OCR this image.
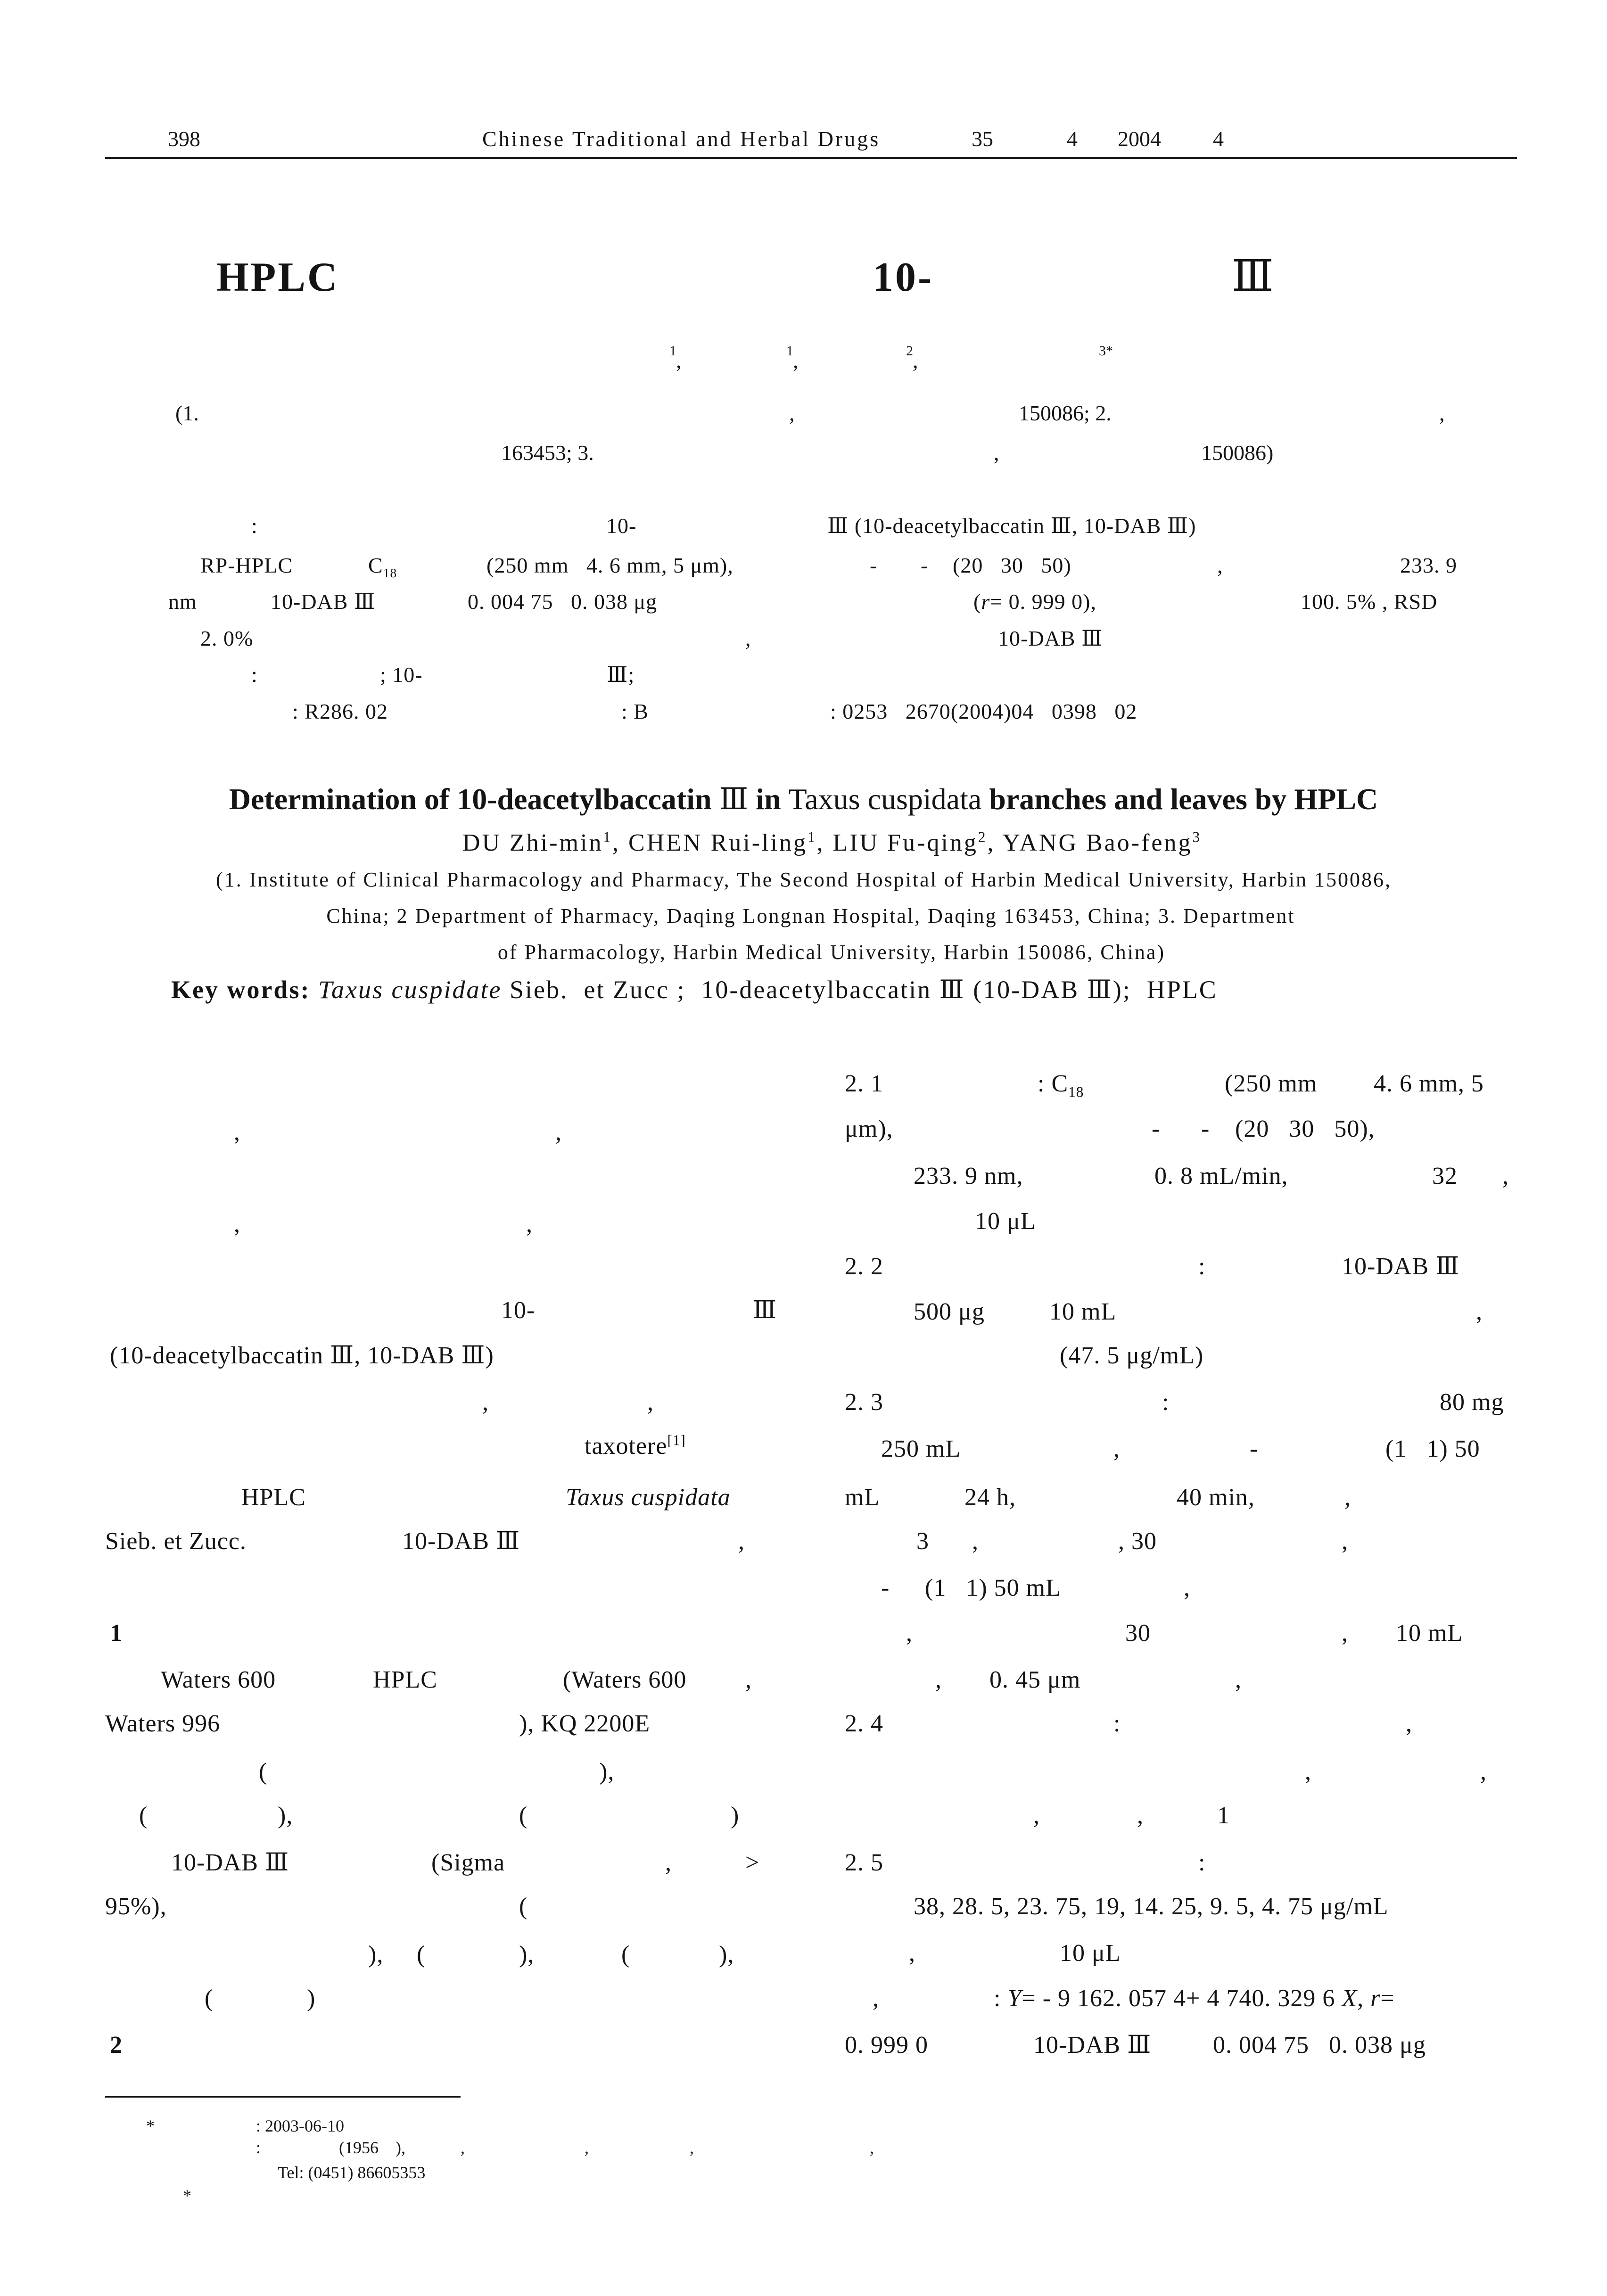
398	Chinese Traditional and Herbal Drugs	35	4 2004 4
HPLC	10-	Ⅲ
1 ,	1 ,	2 ,	3*
(1.	,	150086; 2.	,
163453; 3.	,	150086)
:	10-	Ⅲ (10-deacetylbaccatin Ⅲ, 10-DAB Ⅲ)
RP-HPLC	$C_{18}$	(250 mm   4. 6 mm, 5 μm),	- - (20   30   50)	,	233. 9
nm	10-DAB Ⅲ	0. 004 75   0. 038 μg	(r= 0. 999 0),	100. 5% , RSD
2. 0%	,	10-DAB Ⅲ
:	; 10-	Ⅲ;
: R286. 02	: B	: 0253   2670(2004)04   0398   02
Determination of 10-deacetylbaccatin Ⅲ in Taxus cuspidata branches and leaves by HPLC
DU Zhi-$\min^1$, CHEN Rui-ling$^1$, LIU Fu-qing$^2$, YANG Bao-feng$^3$
(1. Institute of Clinical Pharmacology and Pharmacy, The Second Hospital of Harbin Medical University, Harbin 150086,
China; 2 Department of Pharmacy, Daqing Longnan Hospital, Daqing 163453, China; 3. Department
of Pharmacology, Harbin Medical University, Harbin 150086, China)
Key words: Taxus cuspidate Sieb.  et Zucc ;  10-deacetylbaccatin Ⅲ (10-DAB Ⅲ);  HPLC
,	,
,	,
10-	Ⅲ
(10-deacetylbaccatin Ⅲ, 10-DAB Ⅲ)
,	,
taxotere[1]
HPLC	Taxus cuspidata
Sieb. et Zucc.	10-DAB Ⅲ	,
1
Waters 600	HPLC	(Waters 600 ,
Waters 996	), KQ 2200E
(	),
(	),	(	)
10-DAB Ⅲ	(Sigma	,	>
95%),	(
), (	),	(	),
(	)
2
2. 1	: $C_{18}$	(250 mm 4. 6 mm, 5
μm),	- - (20   30   50),
233. 9 nm,	0. 8 mL/min,	32 ,
10 μL
2. 2	:	10-DAB Ⅲ
500 μg	10 mL	,
(47. 5 μg/mL)
2. 3	:	80 mg
250 mL	,	-	(1   1) 50
mL	24 h,	40 min,	,
3 ,	, 30	,
- (1   1) 50 mL	,
,	30	, 10 mL
, 0. 45 μm	,
2. 4	:	,
,	,
,	,	1
2. 5	:
38, 28. 5, 23. 75, 19, 14. 25, 9. 5, 4. 75 μg/mL
,	10 μL
,	: Y= - 9 162. 057 4+ 4 740. 329 6 X, r=
0. 999 0	10-DAB Ⅲ	0. 004 75   0. 038 μg
*	: 2003-06-10
:	(1956    ),	,	,	,	,
Tel: (0451) 86605353
*
